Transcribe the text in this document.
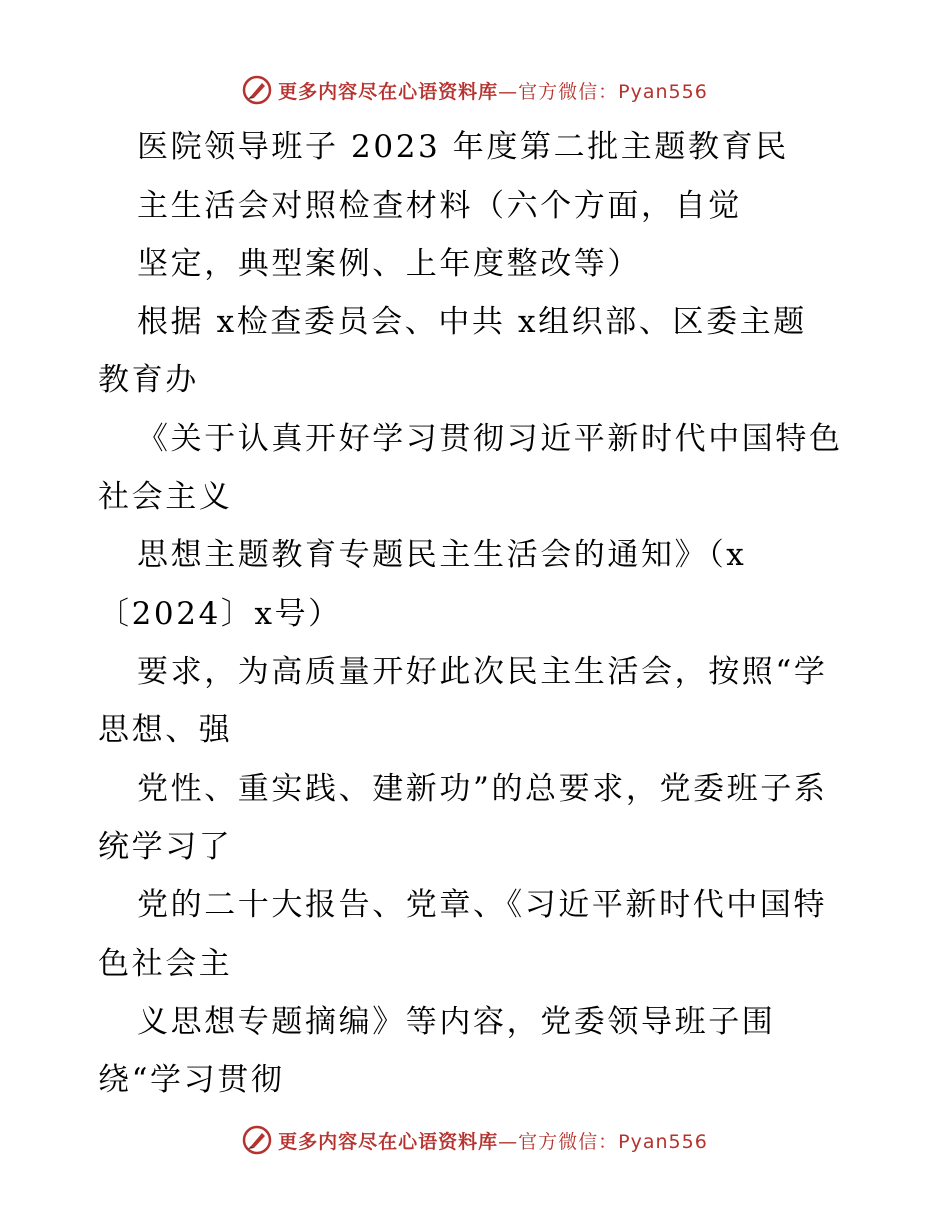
更多内容尽在心语资料库—官方微信：Pyan556
医院领导班子 2023 年度第二批主题教育民
主生活会对照检查材料（六个方面，自觉
坚定，典型案例、上年度整改等）
根据 x检查委员会、中共 x组织部、区委主题
教育办
《关于认真开好学习贯彻习近平新时代中国特色
社会主义
思想主题教育专题民主生活会的通知》（x
〔2024〕x号）
要求，为高质量开好此次民主生活会，按照“学
思想、强
党性、重实践、建新功”的总要求，党委班子系
统学习了
党的二十大报告、党章、《习近平新时代中国特
色社会主
义思想专题摘编》等内容，党委领导班子围
绕“学习贯彻
更多内容尽在心语资料库—官方微信：Pyan556
